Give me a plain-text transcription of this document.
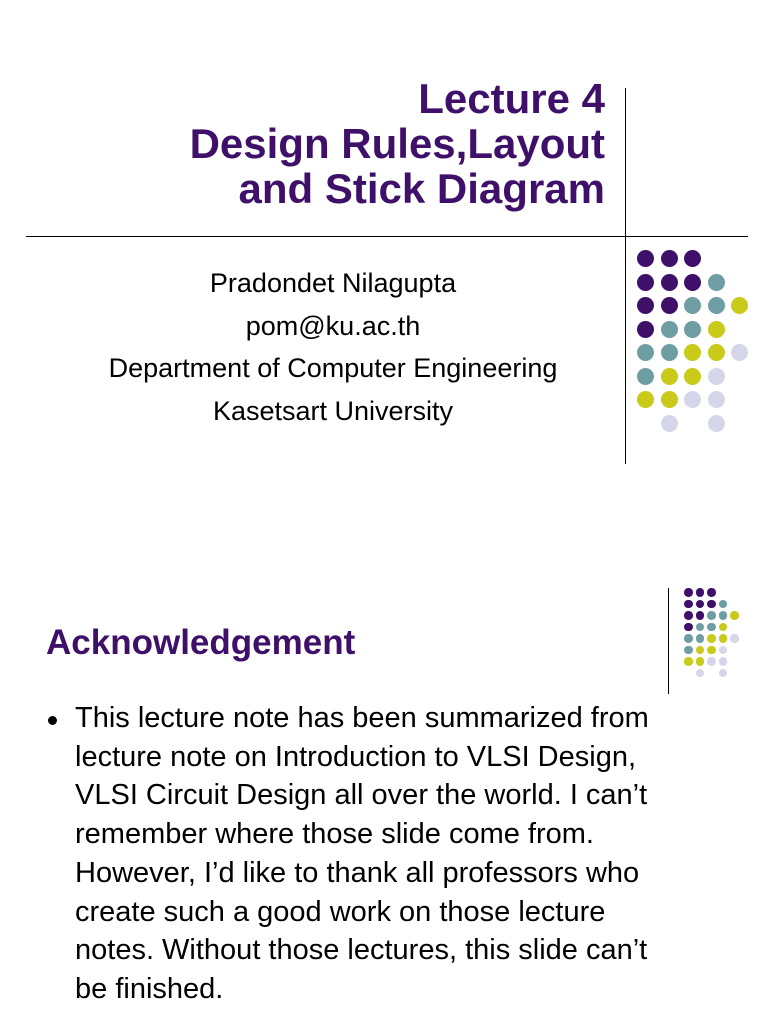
Lecture 4
Design Rules,Layout
and Stick Diagram
Pradondet Nilagupta
pom@ku.ac.th
Department of Computer Engineering
Kasetsart University
Acknowledgement
This lecture note has been summarized from
lecture note on Introduction to VLSI Design,
VLSI Circuit Design all over the world. I can’t
remember where those slide come from.
However, I’d like to thank all professors who
create such a good work on those lecture
notes. Without those lectures, this slide can’t
be finished.
